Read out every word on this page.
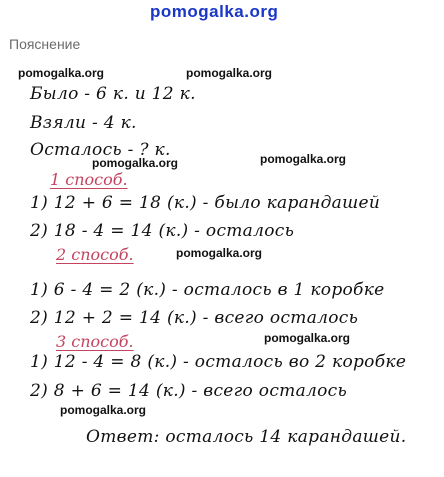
pomogalka.org
Пояснение
pomogalka.org	pomogalka.org
pomogalka.org	pomogalka.org
pomogalka.org
pomogalka.org
pomogalka.org
Было - 6 к. и 12 к.
Взяли - 4 к.
Осталось - ? к.
1 способ.
1) 12 + 6 = 18 (к.) - было карандашей
2) 18 - 4 = 14 (к.) - осталось
2 способ.
1) 6 - 4 = 2 (к.) - осталось в 1 коробке
2) 12 + 2 = 14 (к.) - всего осталось
3 способ.
1) 12 - 4 = 8 (к.) - осталось во 2 коробке
2) 8 + 6 = 14 (к.) - всего осталось
Ответ: осталось 14 карандашей.
